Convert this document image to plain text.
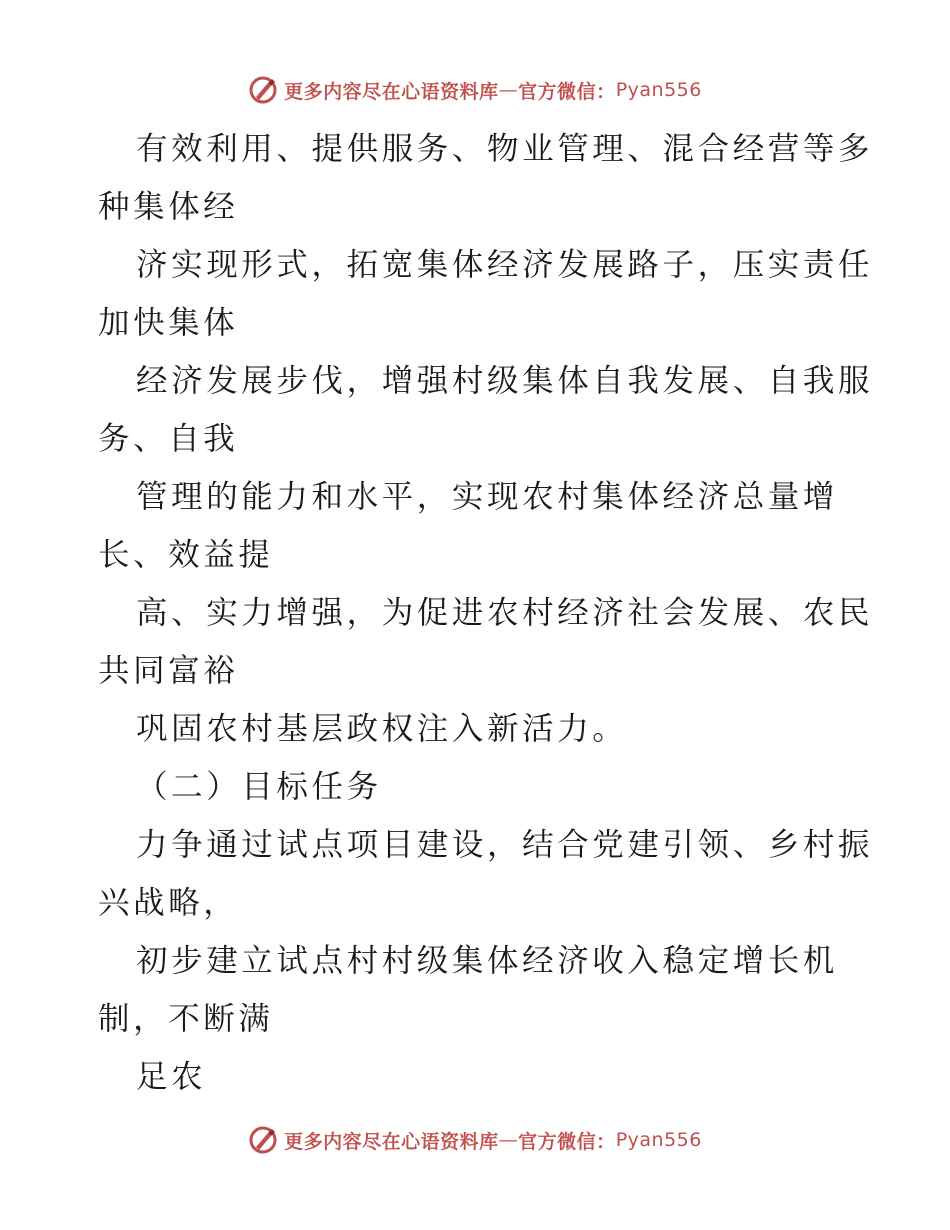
更多内容尽在心语资料库 — 官方微信： Pyan556

有效利用、提供服务、物业管理、混合经营等多

种集体经

济实现形式，拓宽集体经济发展路子，压实责任

加快集体

经济发展步伐，增强村级集体自我发展、自我服

务、自我

管理的能力和水平，实现农村集体经济总量增

长、效益提

高、实力增强，为促进农村经济社会发展、农民

共同富裕

巩固农村基层政权注入新活力。

（二）目标任务

力争通过试点项目建设，结合党建引领、乡村振

兴战略，

初步建立试点村村级集体经济收入稳定增长机

制，不断满

足农

更多内容尽在心语资料库 — 官方微信： Pyan556
